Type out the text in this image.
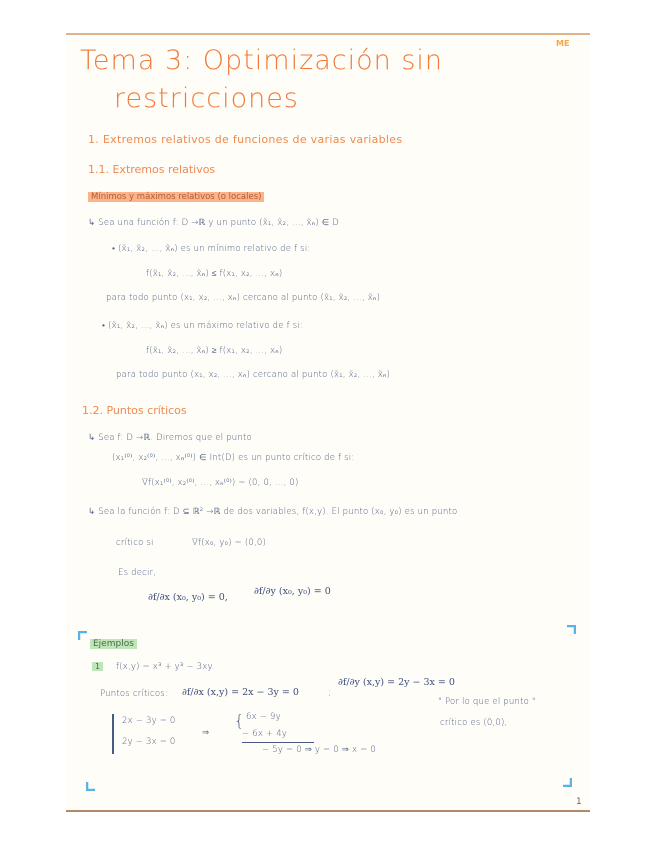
ME
Tema 3: Optimización sin
restricciones
1. Extremos relativos de funciones de varias variables
1.1. Extremos relativos
Mínimos y máximos relativos (o locales)
↳ Sea una función f: D →ℝ y un punto (x̃₁, x̃₂, ..., x̃ₙ) ∈ D
• (x̃₁, x̃₂, ..., x̃ₙ) es un mínimo relativo de f si:
f(x̃₁, x̃₂, ..., x̃ₙ) ≤ f(x₁, x₂, ..., xₙ)
para todo punto (x₁, x₂, ..., xₙ) cercano al punto (x̃₁, x̃₂, ..., x̃ₙ)
• (x̃₁, x̃₂, ..., x̃ₙ) es un máximo relativo de f si:
f(x̃₁, x̃₂, ..., x̃ₙ) ≥ f(x₁, x₂, ..., xₙ)
para todo punto (x₁, x₂, ..., xₙ) cercano al punto (x̃₁, x̃₂, ..., x̃ₙ)
1.2. Puntos críticos
↳ Sea f: D →ℝ. Diremos que el punto
(x₁⁽⁰⁾, x₂⁽⁰⁾, ..., xₙ⁽⁰⁾) ∈ Int(D) es un punto crítico de f si:
∇f(x₁⁽⁰⁾, x₂⁽⁰⁾, ..., xₙ⁽⁰⁾) = (0, 0, ..., 0)
↳ Sea la función f: D ⊆ ℝ² →ℝ de dos variables, f(x,y). El punto (x₀, y₀) es un punto
crítico si	∇f(x₀, y₀) = (0,0)
Es decir,
∂f/∂x (x₀, y₀) = 0,
∂f/∂y (x₀, y₀) = 0
Ejemplos
1	f(x,y) = x³ + y³ − 3xy.
Puntos críticos: ∂f/∂x (x,y) = 2x − 3y = 0	;
∂f/∂y (x,y) = 2y − 3x = 0
2x − 3y = 0
2y − 3x = 0
⇒
{ 6x − 9y
− 6x + 4y
− 5y = 0 ⇒ y = 0 ⇒ x = 0
" Por lo que el punto "
crítico es (0,0),
1
